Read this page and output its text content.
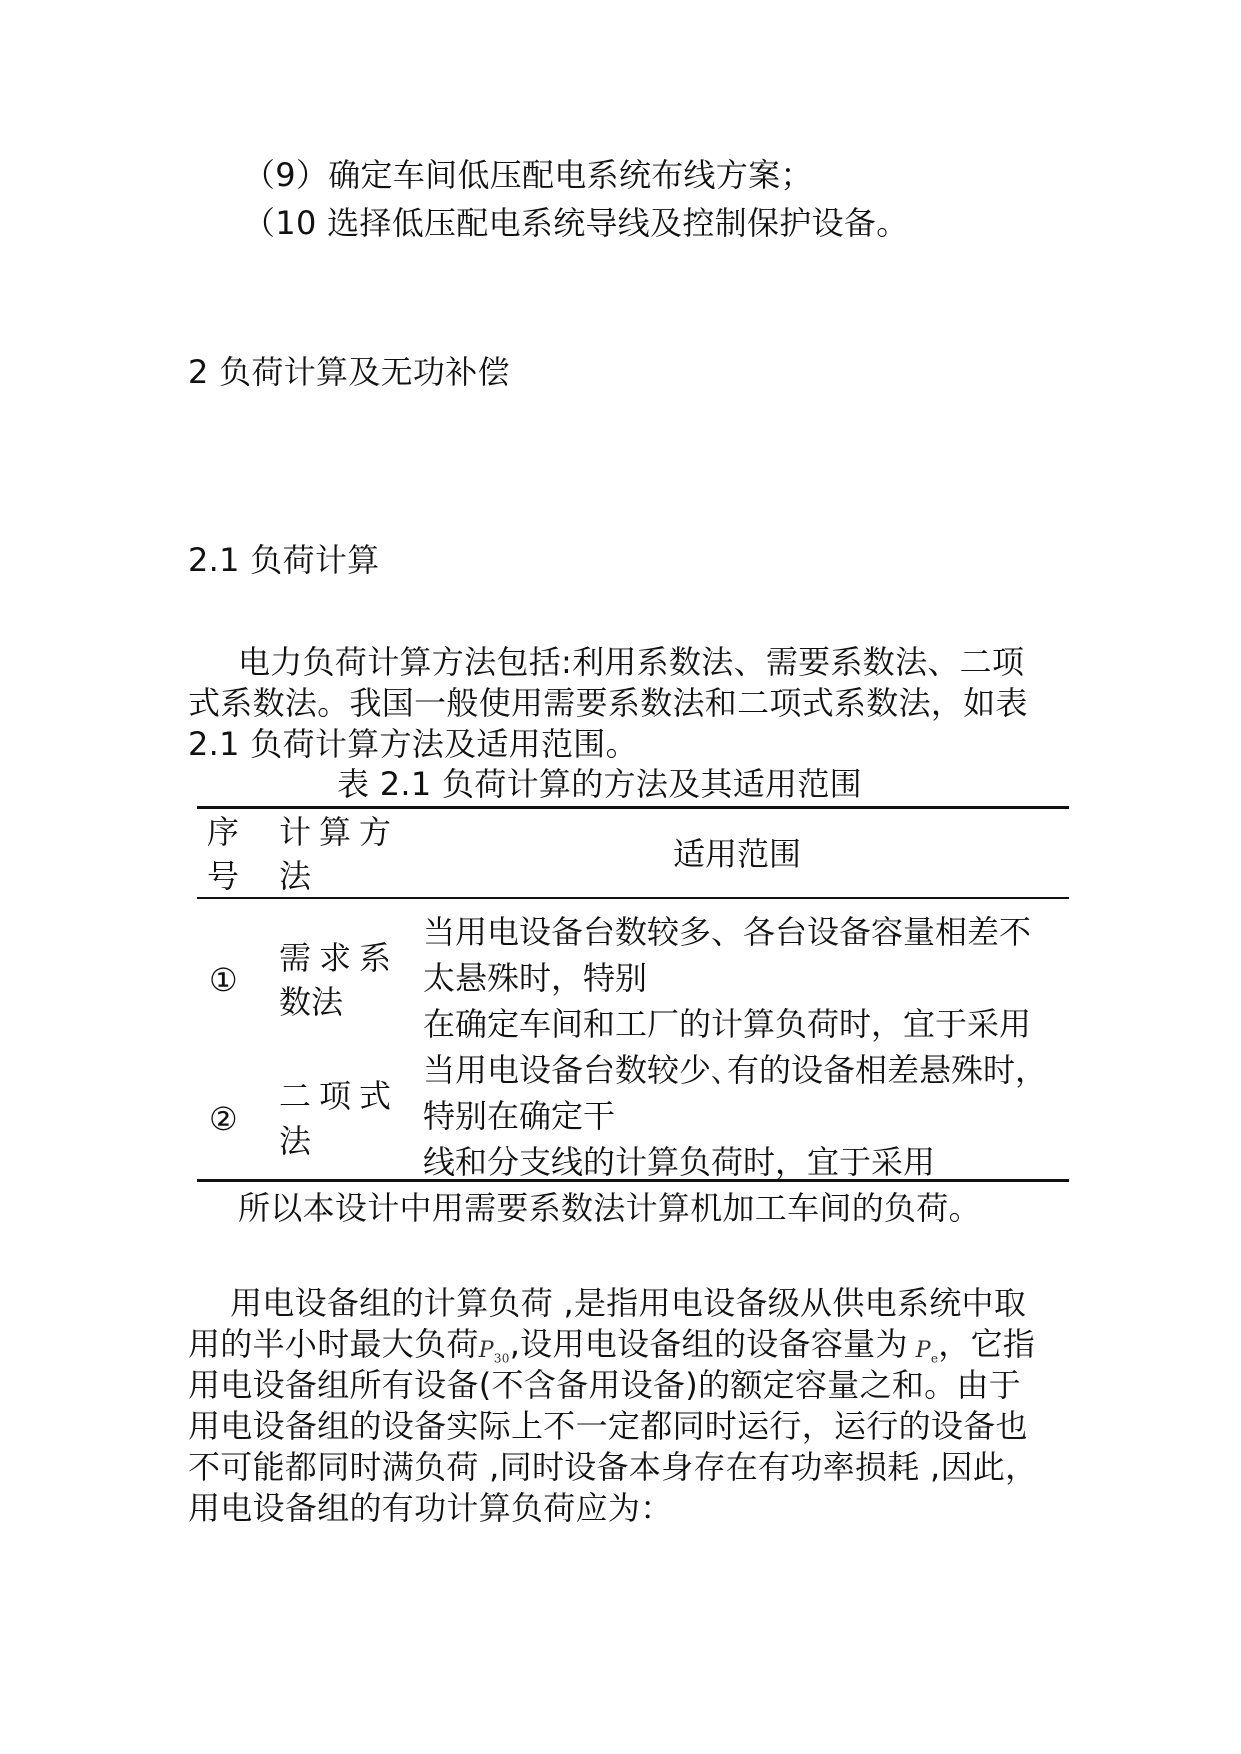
（9）确定车间低压配电系统布线方案；
（10 选择低压配电系统导线及控制保护设备。
2 负荷计算及无功补偿
2.1 负荷计算
电力负荷计算方法包括:利用系数法、需要系数法、二项
式系数法。我国一般使用需要系数法和二项式系数法，如表
2.1 负荷计算方法及适用范围。
表 2.1 负荷计算的方法及其适用范围
序
号
计算方
法
适用范围
①
需求系
数法
当用电设备台数较多、各台设备容量相差不
太悬殊时，特别
在确定车间和工厂的计算负荷时，宜于采用
②
二项式
法
当用电设备台数较少､有的设备相差悬殊时，
特别在确定干
线和分支线的计算负荷时，宜于采用
所以本设计中用需要系数法计算机加工车间的负荷。
用电设备组的计算负荷 ,是指用电设备级从供电系统中取
用的半小时最大负荷$P_{30}$,设用电设备组的设备容量为 $P_e$，它指
用电设备组所有设备(不含备用设备)的额定容量之和。由于
用电设备组的设备实际上不一定都同时运行，运行的设备也
不可能都同时满负荷 ,同时设备本身存在有功率损耗 ,因此，
用电设备组的有功计算负荷应为：
